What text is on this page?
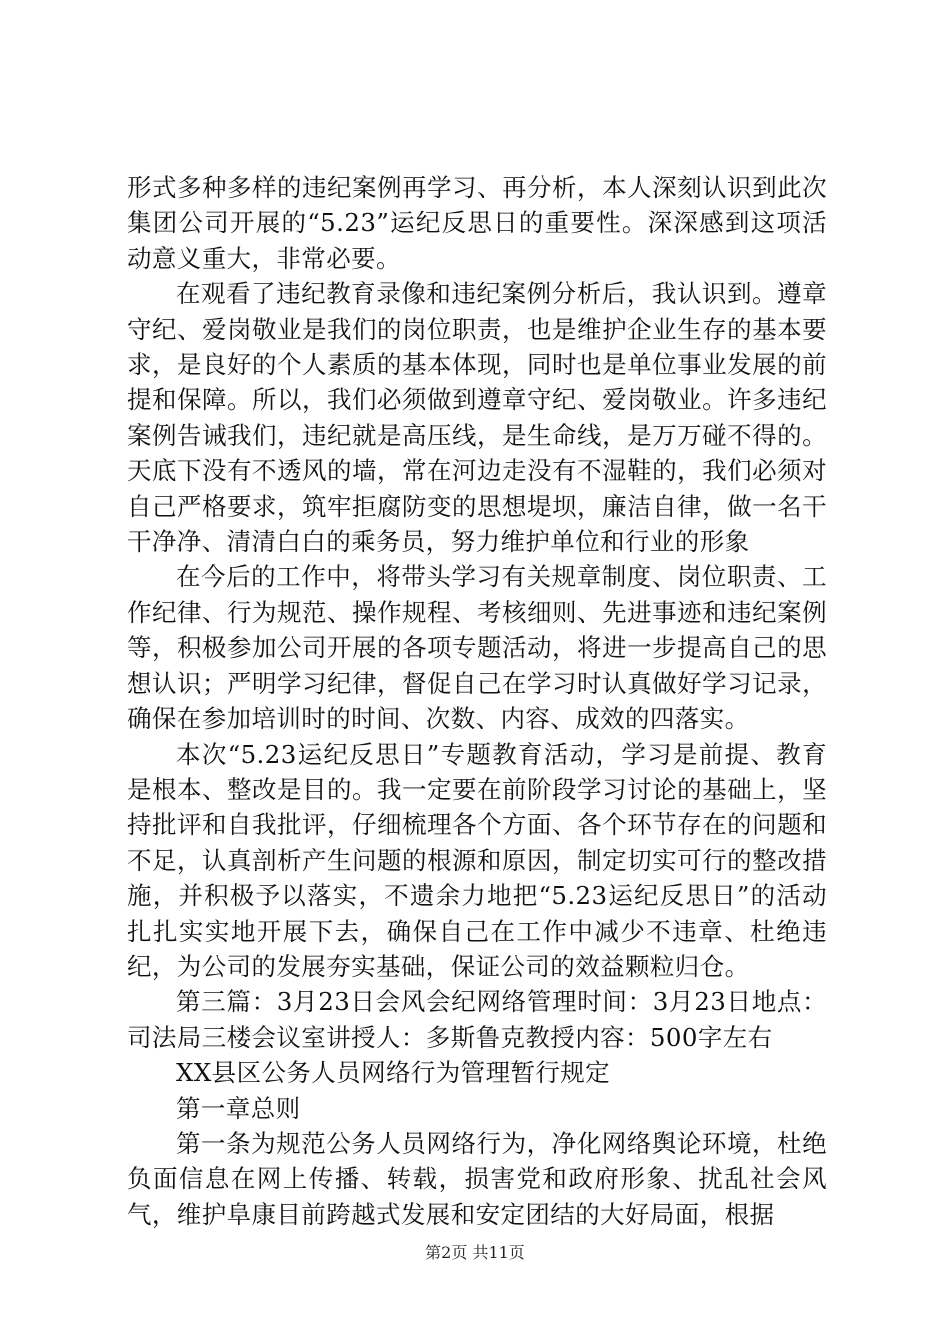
形式多种多样的违纪案例再学习、再分析，本人深刻认识到此次集团公司开展的“5.23”运纪反思日的重要性。深深感到这项活动意义重大，非常必要。

在观看了违纪教育录像和违纪案例分析后，我认识到。遵章守纪、爱岗敬业是我们的岗位职责，也是维护企业生存的基本要求，是良好的个人素质的基本体现，同时也是单位事业发展的前提和保障。所以，我们必须做到遵章守纪、爱岗敬业。许多违纪案例告诫我们，违纪就是高压线，是生命线，是万万碰不得的。天底下没有不透风的墙，常在河边走没有不湿鞋的，我们必须对自己严格要求，筑牢拒腐防变的思想堤坝，廉洁自律，做一名干干净净、清清白白的乘务员，努力维护单位和行业的形象

在今后的工作中，将带头学习有关规章制度、岗位职责、工作纪律、行为规范、操作规程、考核细则、先进事迹和违纪案例等，积极参加公司开展的各项专题活动，将进一步提高自己的思想认识；严明学习纪律，督促自己在学习时认真做好学习记录，确保在参加培训时的时间、次数、内容、成效的四落实。

本次“5.23运纪反思日”专题教育活动，学习是前提、教育是根本、整改是目的。我一定要在前阶段学习讨论的基础上，坚持批评和自我批评，仔细梳理各个方面、各个环节存在的问题和不足，认真剖析产生问题的根源和原因，制定切实可行的整改措施，并积极予以落实，不遗余力地把“5.23运纪反思日”的活动扎扎实实地开展下去，确保自己在工作中减少不违章、杜绝违纪，为公司的发展夯实基础，保证公司的效益颗粒归仓。

第三篇：3月23日会风会纪网络管理时间：3月23日地点：司法局三楼会议室讲授人：多斯鲁克教授内容：500字左右

XX县区公务人员网络行为管理暂行规定

第一章总则

第一条为规范公务人员网络行为，净化网络舆论环境，杜绝负面信息在网上传播、转载，损害党和政府形象、扰乱社会风气，维护阜康目前跨越式发展和安定团结的大好局面，根据

第2页 共11页
